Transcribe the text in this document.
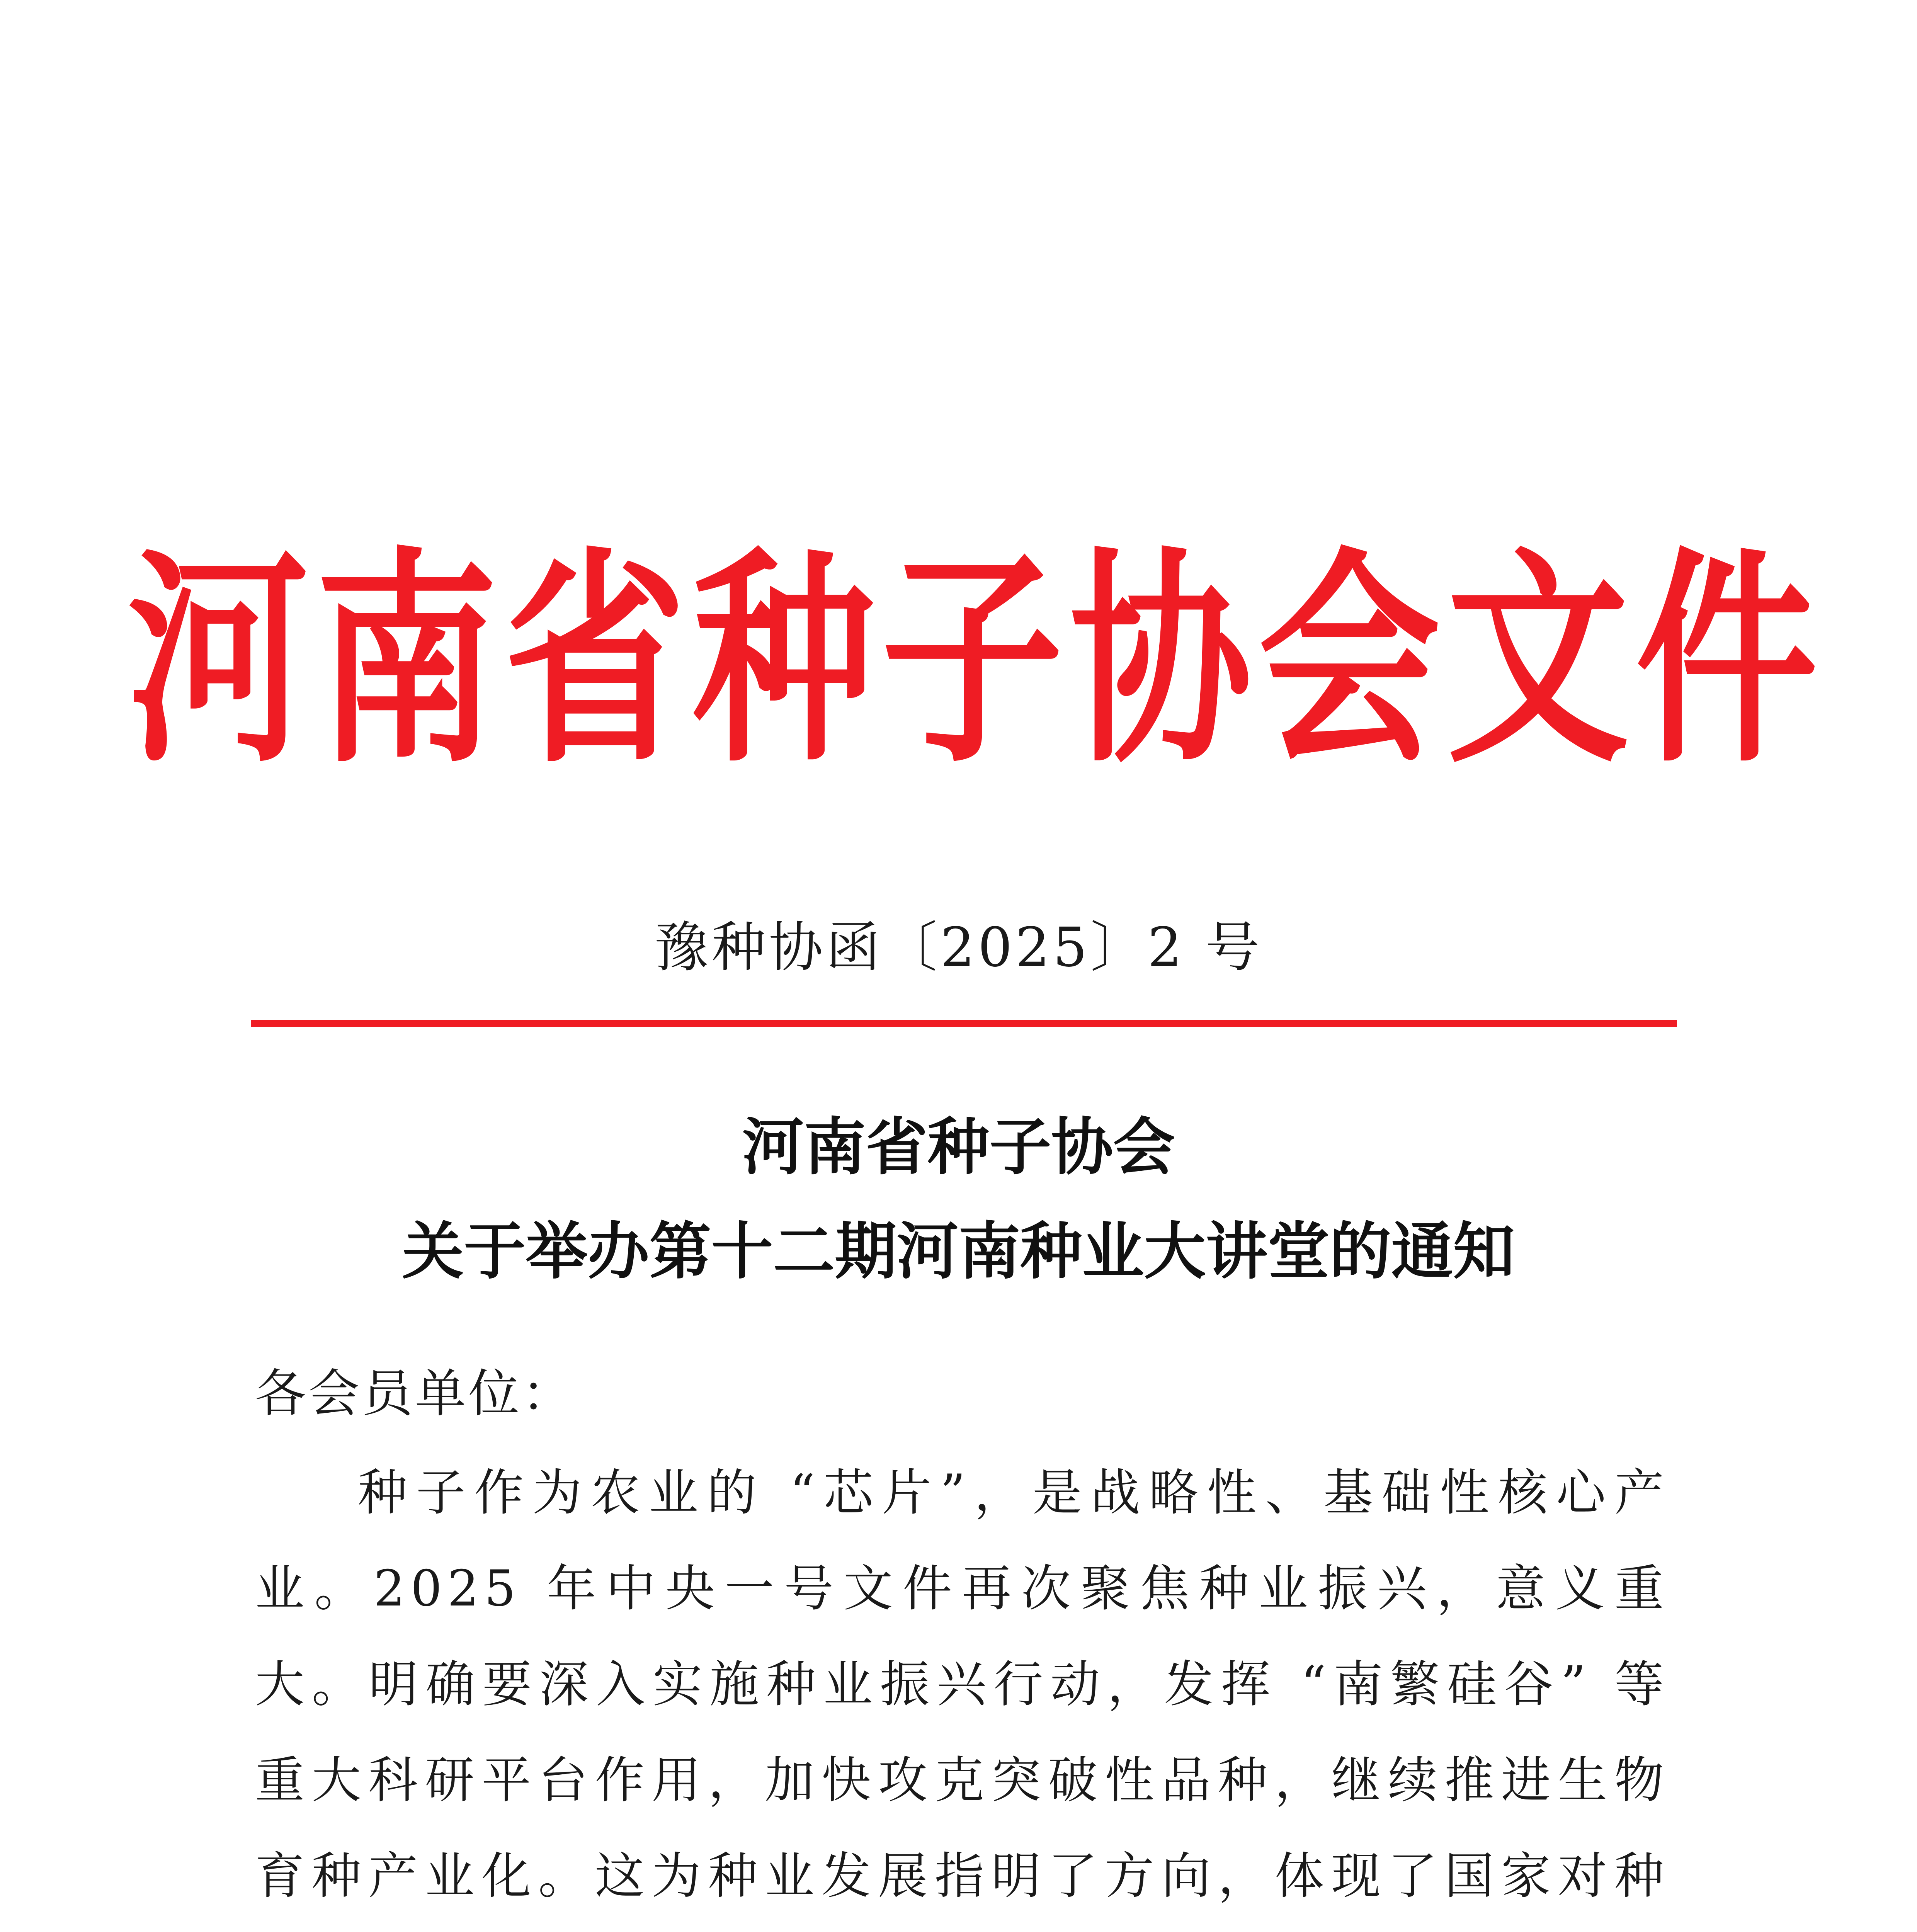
河南省种子协会文件
豫种协函〔2025〕2 号
河南省种子协会
关于举办第十二期河南种业大讲堂的通知
各会员单位：
种子作为农业的 “芯片”，是战略性、基础性核心产业。2025 年中央一号文件再次聚焦种业振兴，意义重大。明确要深入实施种业振兴行动，发挥 “南繁硅谷” 等重大科研平台作用，加快攻克突破性品种，继续推进生物育种产业化。这为种业发展指明了方向，体现了国家对种
